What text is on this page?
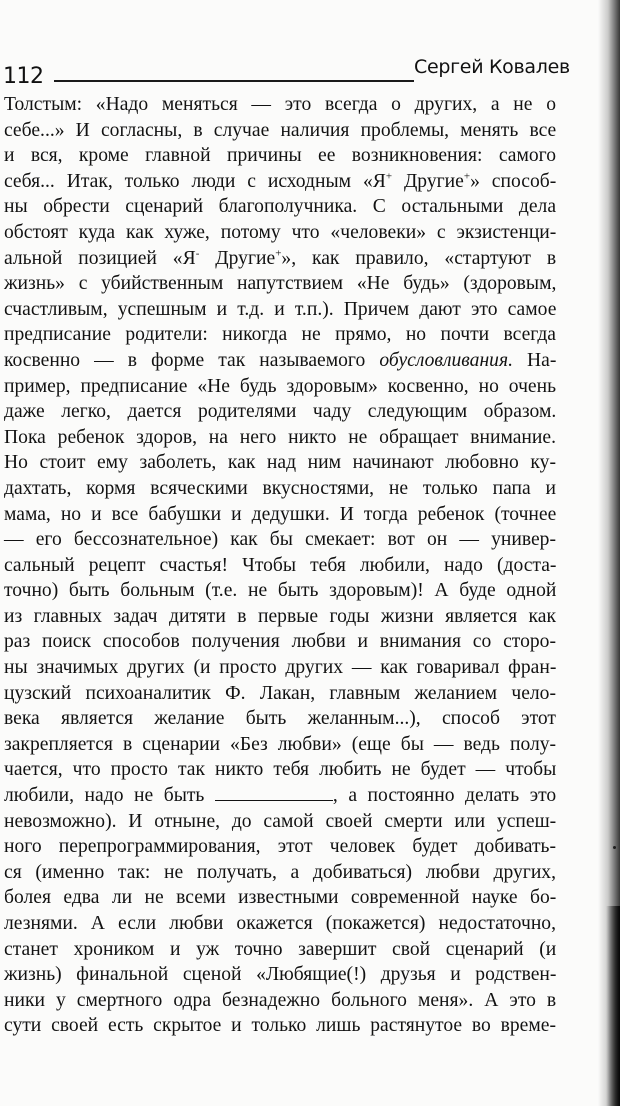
112	Сергей Ковалев
Толстым: «Надо меняться — это всегда о других, а не о
себе...» И согласны, в случае наличия проблемы, менять все
и вся, кроме главной причины ее возникновения: самого
себя... Итак, только люди с исходным «Я+ Другие+» способ-
ны обрести сценарий благополучника. С остальными дела
обстоят куда как хуже, потому что «человеки» с экзистенци-
альной позицией «Я- Другие+», как правило, «стартуют в
жизнь» с убийственным напутствием «Не будь» (здоровым,
счастливым, успешным и т.д. и т.п.). Причем дают это самое
предписание родители: никогда не прямо, но почти всегда
косвенно — в форме так называемого обусловливания. На-
пример, предписание «Не будь здоровым» косвенно, но очень
даже легко, дается родителями чаду следующим образом.
Пока ребенок здоров, на него никто не обращает внимание.
Но стоит ему заболеть, как над ним начинают любовно ку-
дахтать, кормя всяческими вкусностями, не только папа и
мама, но и все бабушки и дедушки. И тогда ребенок (точнее
— его бессознательное) как бы смекает: вот он — универ-
сальный рецепт счастья! Чтобы тебя любили, надо (доста-
точно) быть больным (т.е. не быть здоровым)! А буде одной
из главных задач дитяти в первые годы жизни является как
раз поиск способов получения любви и внимания со сторо-
ны значимых других (и просто других — как говаривал фран-
цузский психоаналитик Ф. Лакан, главным желанием чело-
века является желание быть желанным...), способ этот
закрепляется в сценарии «Без любви» (еще бы — ведь полу-
чается, что просто так никто тебя любить не будет — чтобы
любили, надо не быть	, а постоянно делать это
невозможно). И отныне, до самой своей смерти или успеш-
ного перепрограммирования, этот человек будет добивать-
ся (именно так: не получать, а добиваться) любви других,
болея едва ли не всеми известными современной науке бо-
лезнями. А если любви окажется (покажется) недостаточно,
станет хроником и уж точно завершит свой сценарий (и
жизнь) финальной сценой «Любящие(!) друзья и родствен-
ники у смертного одра безнадежно больного меня». А это в
сути своей есть скрытое и только лишь растянутое во време-
